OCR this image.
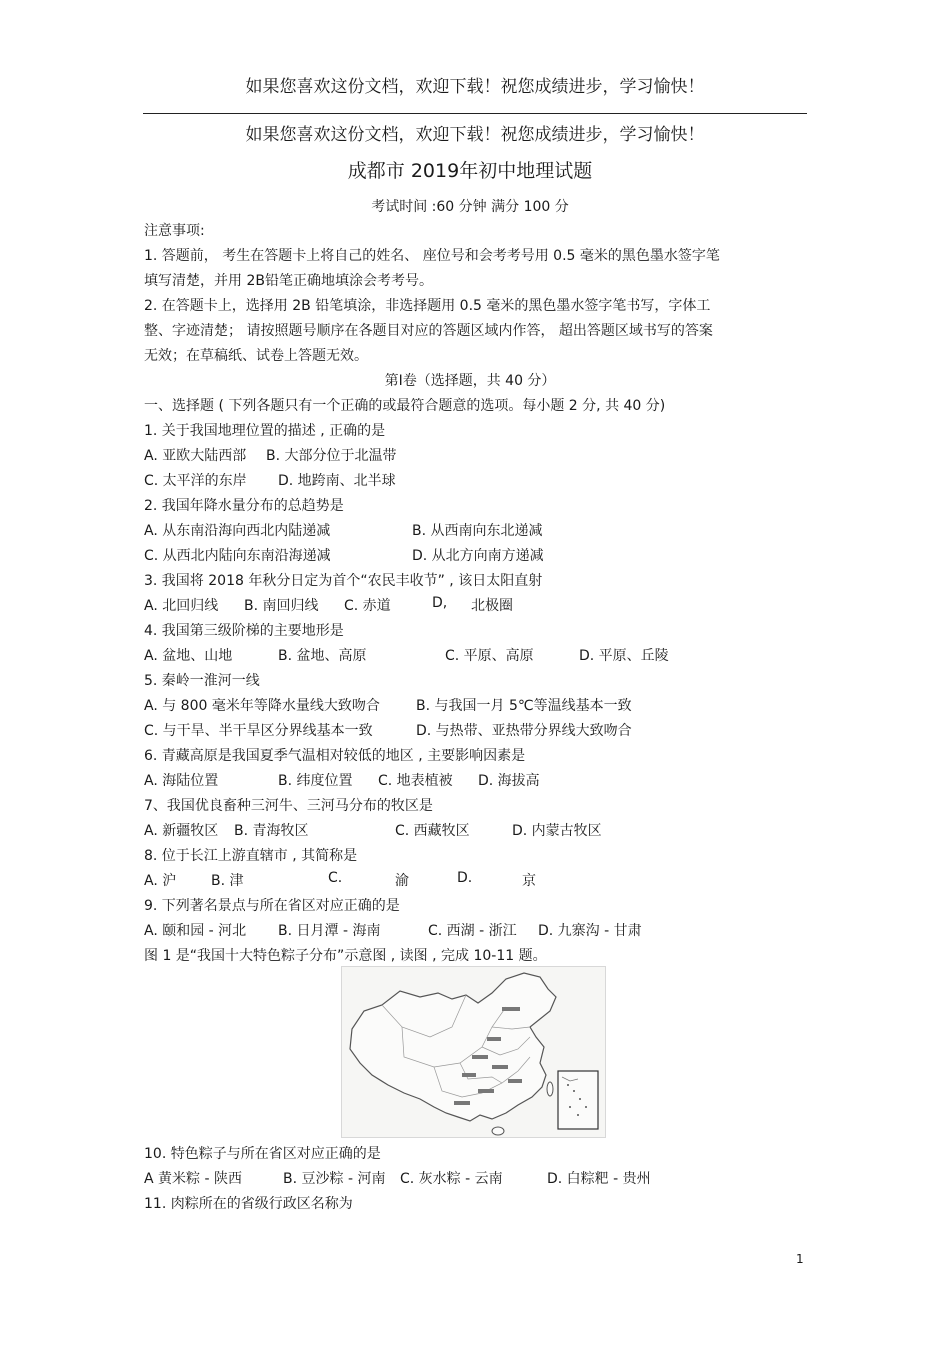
如果您喜欢这份文档，欢迎下载！祝您成绩进步，学习愉快！
如果您喜欢这份文档，欢迎下载！祝您成绩进步，学习愉快！
成都市 2019年初中地理试题
考试时间 :60 分钟 满分 100 分
注意事项:
1. 答题前， 考生在答题卡上将自己的姓名、 座位号和会考考号用 0.5 毫米的黑色墨水签字笔
填写清楚，并用 2B铅笔正确地填涂会考考号。
2. 在答题卡上，选择用 2B 铅笔填涂，非选择题用 0.5 毫米的黑色墨水签字笔书写，字体工
整、字迹清楚； 请按照题号顺序在各题目对应的答题区域内作答， 超出答题区域书写的答案
无效；在草稿纸、试卷上答题无效。
第Ⅰ卷（选择题，共 40 分）
一、选择题 ( 下列各题只有一个正确的或最符合题意的选项。每小题 2 分, 共 40 分)
1. 关于我国地理位置的描述 , 正确的是
A. 亚欧大陆西部 B. 大部分位于北温带
C. 太平洋的东岸 D. 地跨南、北半球
2. 我国年降水量分布的总趋势是
A. 从东南沿海向西北内陆递减	B. 从西南向东北递减
C. 从西北内陆向东南沿海递减	D. 从北方向南方递减
3. 我国将 2018 年秋分日定为首个“农民丰收节” , 该日太阳直射
A. 北回归线 B. 南回归线 C. 赤道	D, 北极圈
4. 我国第三级阶梯的主要地形是
A. 盆地、山地	B. 盆地、高原	C. 平原、高原	D. 平原、丘陵
5. 秦岭一淮河一线
A. 与 800 毫米年等降水量线大致吻合	B. 与我国一月 5℃等温线基本一致
C. 与干旱、半干旱区分界线基本一致	D. 与热带、亚热带分界线大致吻合
6. 青藏高原是我国夏季气温相对较低的地区 , 主要影响因素是
A. 海陆位置	B. 纬度位置 C. 地表植被 D. 海拔高
7、我国优良畜种三河牛、三河马分布的牧区是
A. 新疆牧区 B. 青海牧区	C. 西藏牧区	D. 内蒙古牧区
8. 位于长江上游直辖市 , 其简称是
A. 沪 B. 津	C.	渝	D.	京
9. 下列著名景点与所在省区对应正确的是
A. 颐和园 - 河北 B. 日月潭 - 海南	C. 西湖 - 浙江 D. 九寨沟 - 甘肃
图 1 是“我国十大特色粽子分布”示意图 , 读图 , 完成 10-11 题。
10. 特色粽子与所在省区对应正确的是
A 黄米粽 - 陕西	B. 豆沙粽 - 河南 C. 灰水粽 - 云南	D. 白粽粑 - 贵州
11. 肉粽所在的省级行政区名称为
1
